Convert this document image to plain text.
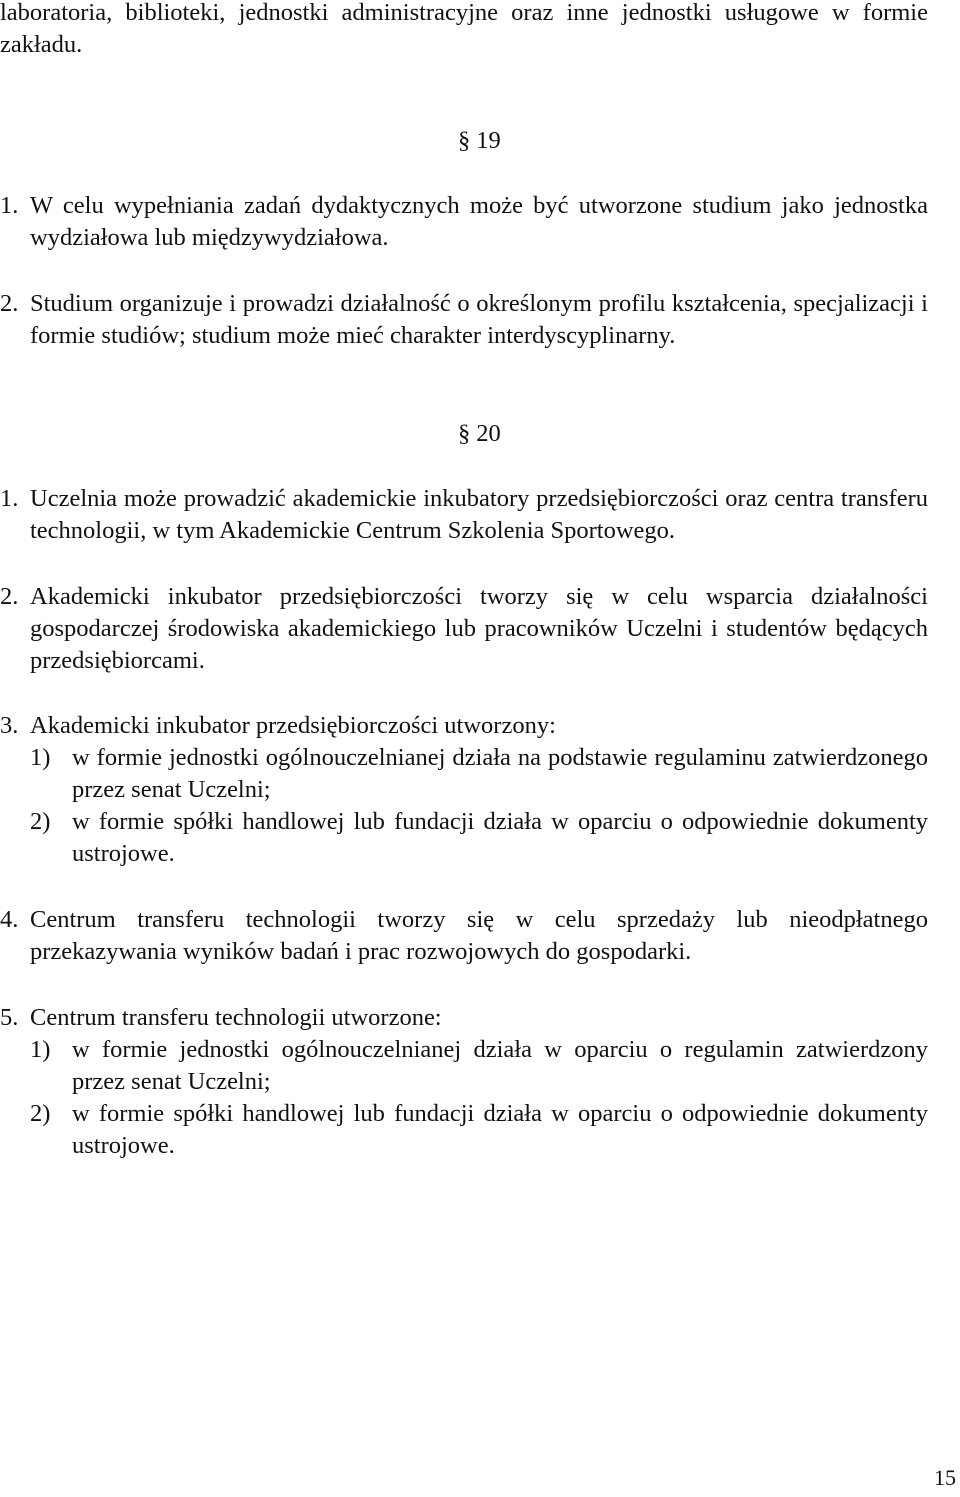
laboratoria, biblioteki, jednostki administracyjne oraz inne jednostki usługowe w formie zakładu.

§ 19

1. W celu wypełniania zadań dydaktycznych może być utworzone studium jako jednostka wydziałowa lub międzywydziałowa.

2. Studium organizuje i prowadzi działalność o określonym profilu kształcenia, specjalizacji i formie studiów; studium może mieć charakter interdyscyplinarny.

§ 20

1. Uczelnia może prowadzić akademickie inkubatory przedsiębiorczości oraz centra transferu technologii, w tym Akademickie Centrum Szkolenia Sportowego.

2. Akademicki inkubator przedsiębiorczości tworzy się w celu wsparcia działalności gospodarczej środowiska akademickiego lub pracowników Uczelni i studentów będących przedsiębiorcami.

3. Akademicki inkubator przedsiębiorczości utworzony:

1) w formie jednostki ogólnouczelnianej działa na podstawie regulaminu zatwierdzonego przez senat Uczelni;

2) w formie spółki handlowej lub fundacji działa w oparciu o odpowiednie dokumenty ustrojowe.

4. Centrum transferu technologii tworzy się w celu sprzedaży lub nieodpłatnego przekazywania wyników badań i prac rozwojowych do gospodarki.

5. Centrum transferu technologii utworzone:

1) w formie jednostki ogólnouczelnianej działa w oparciu o regulamin zatwierdzony przez senat Uczelni;

2) w formie spółki handlowej lub fundacji działa w oparciu o odpowiednie dokumenty ustrojowe.

15
